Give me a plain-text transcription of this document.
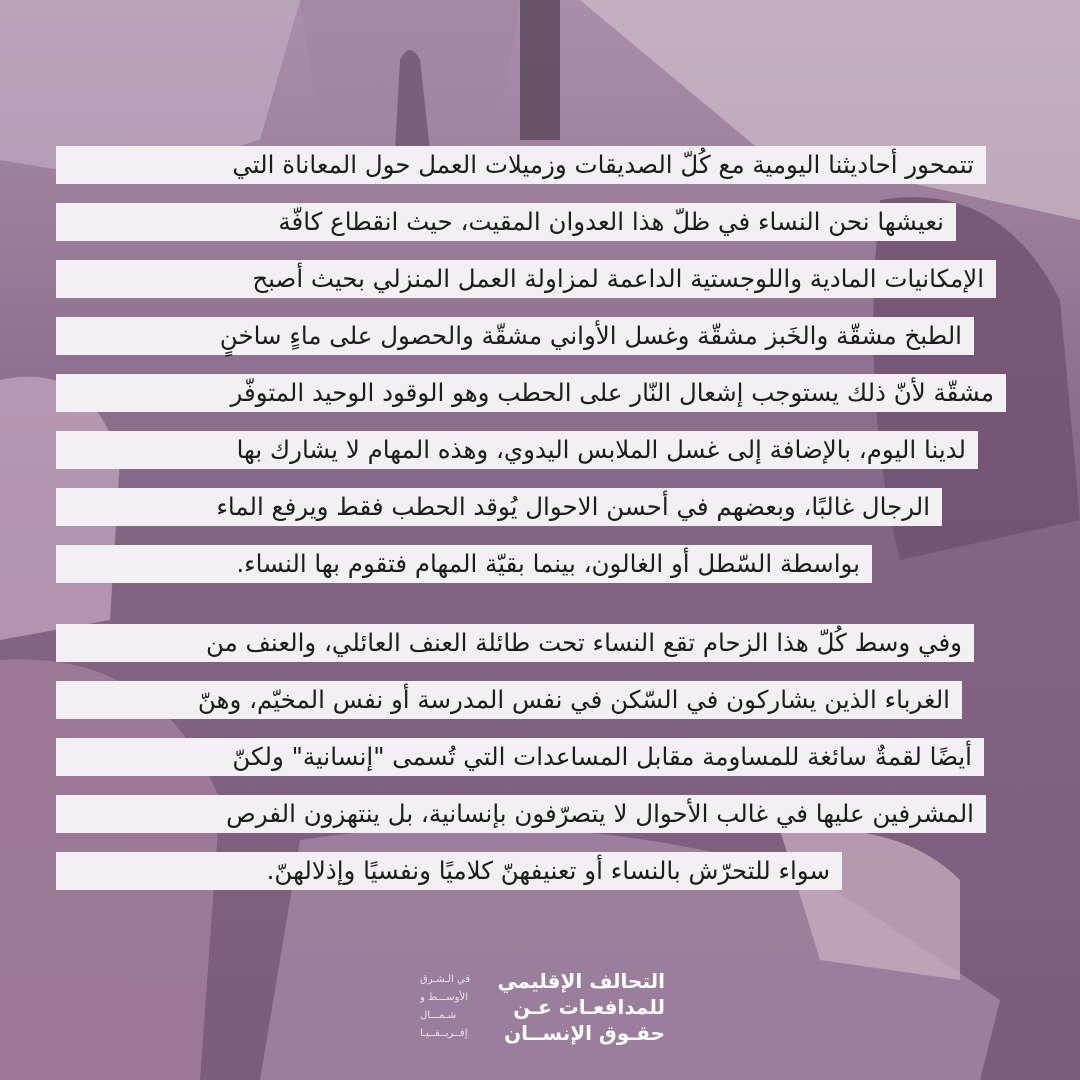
تتمحور أحاديثنا اليومية مع كُلّ الصديقات وزميلات العمل حول المعاناة التي
نعيشها نحن النساء في ظلّ هذا العدوان المقيت، حيث انقطاع كافّة
الإمكانيات المادية واللوجستية الداعمة لمزاولة العمل المنزلي بحيث أصبح
الطبخ مشقّة والخَبز مشقّة وغسل الأواني مشقّة والحصول على ماءٍ ساخنٍ
مشقّة لأنّ ذلك يستوجب إشعال النّار على الحطب وهو الوقود الوحيد المتوفّر
لدينا اليوم، بالإضافة إلى غسل الملابس اليدوي، وهذه المهام لا يشارك بها
الرجال غالبًا، وبعضهم في أحسن الاحوال يُوقد الحطب فقط ويرفع الماء
بواسطة السّطل أو الغالون، بينما بقيّة المهام فتقوم بها النساء.
وفي وسط كُلّ هذا الزحام تقع النساء تحت طائلة العنف العائلي، والعنف من
الغرباء الذين يشاركون في السّكن في نفس المدرسة أو نفس المخيّم، وهنّ
أيضًا لقمةٌ سائغة للمساومة مقابل المساعدات التي تُسمى "إنسانية" ولكنّ
المشرفين عليها في غالب الأحوال لا يتصرّفون بإنسانية، بل ينتهزون الفرص
سواء للتحرّش بالنساء أو تعنيفهنّ كلاميًا ونفسيًا وإذلالهنّ.
التحالف الإقليمي
للمدافعـات عـن
حقـوق الإنســان
في الـشـرق
الأوســـط و
شـمـــال
إفــريــقــيـا
